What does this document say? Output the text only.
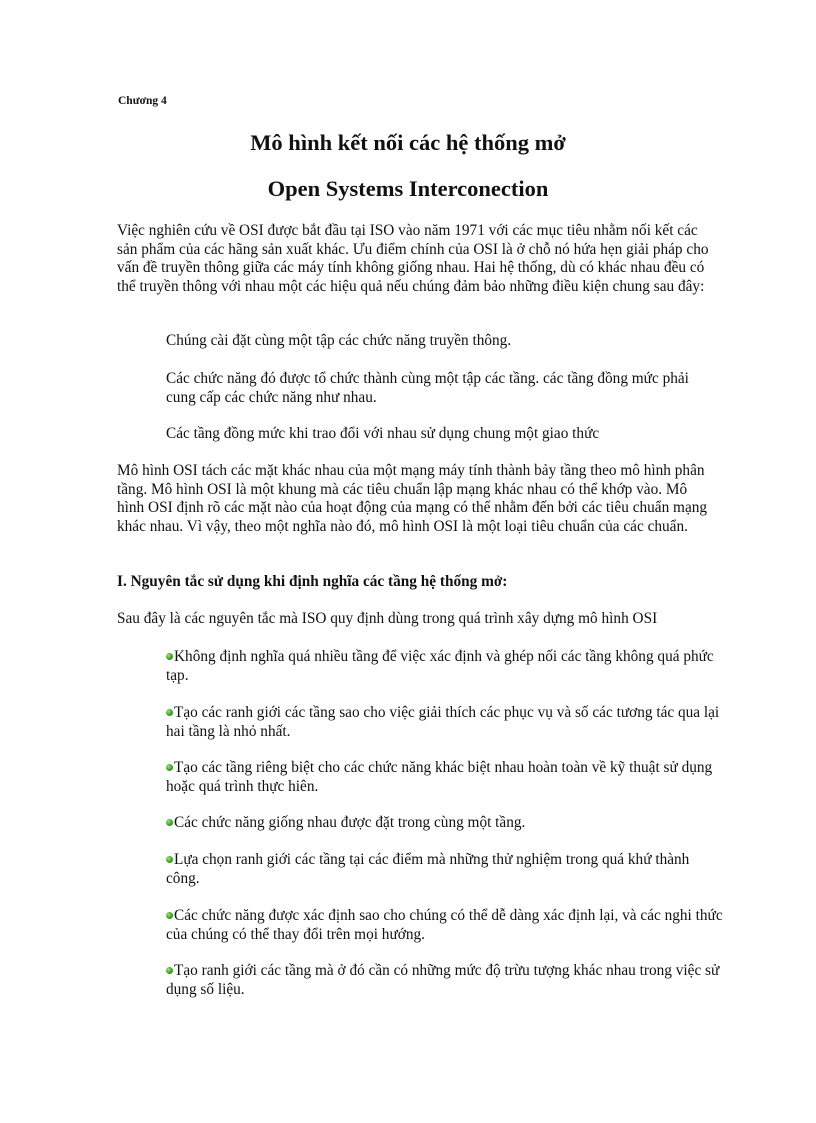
Chương 4
Mô hình kết nối các hệ thống mở
Open Systems Interconection

Việc nghiên cứu về OSI được bắt đầu tại ISO vào năm 1971 với các mục tiêu nhằm nối kết các sản phẩm của các hãng sản xuất khác. Ưu điểm chính của OSI là ở chỗ nó hứa hẹn giải pháp cho vấn đề truyền thông giữa các máy tính không giống nhau. Hai hệ thống, dù có khác nhau đều có thể truyền thông với nhau một các hiệu quả nếu chúng đảm bảo những điều kiện chung sau đây:

Chúng cài đặt cùng một tập các chức năng truyền thông.

Các chức năng đó được tổ chức thành cùng một tập các tầng. các tầng đồng mức phải cung cấp các chức năng như nhau.

Các tầng đồng mức khi trao đổi với nhau sử dụng chung một giao thức

Mô hình OSI tách các mặt khác nhau của một mạng máy tính thành bảy tầng theo mô hình phân tầng. Mô hình OSI là một khung mà các tiêu chuẩn lập mạng khác nhau có thể khớp vào. Mô hình OSI định rõ các mặt nào của hoạt động của mạng có thể nhằm đến bởi các tiêu chuẩn mạng khác nhau. Vì vậy, theo một nghĩa nào đó, mô hình OSI là một loại tiêu chuẩn của các chuẩn.

I. Nguyên tắc sử dụng khi định nghĩa các tầng hệ thống mở:

Sau đây là các nguyên tắc mà ISO quy định dùng trong quá trình xây dựng mô hình OSI

Không định nghĩa quá nhiều tầng để việc xác định và ghép nối các tầng không quá phức tạp.

Tạo các ranh giới các tầng sao cho việc giải thích các phục vụ và số các tương tác qua lại hai tầng là nhỏ nhất.

Tạo các tầng riêng biệt cho các chức năng khác biệt nhau hoàn toàn về kỹ thuật sử dụng hoặc quá trình thực hiên.

Các chức năng giống nhau được đặt trong cùng một tầng.

Lựa chọn ranh giới các tầng tại các điểm mà những thử nghiệm trong quá khứ thành công.

Các chức năng được xác định sao cho chúng có thể dễ dàng xác định lại, và các nghi thức của chúng có thể thay đổi trên mọi hướng.

Tạo ranh giới các tầng mà ở đó cần có những mức độ trừu tượng khác nhau trong việc sử dụng số liệu.
